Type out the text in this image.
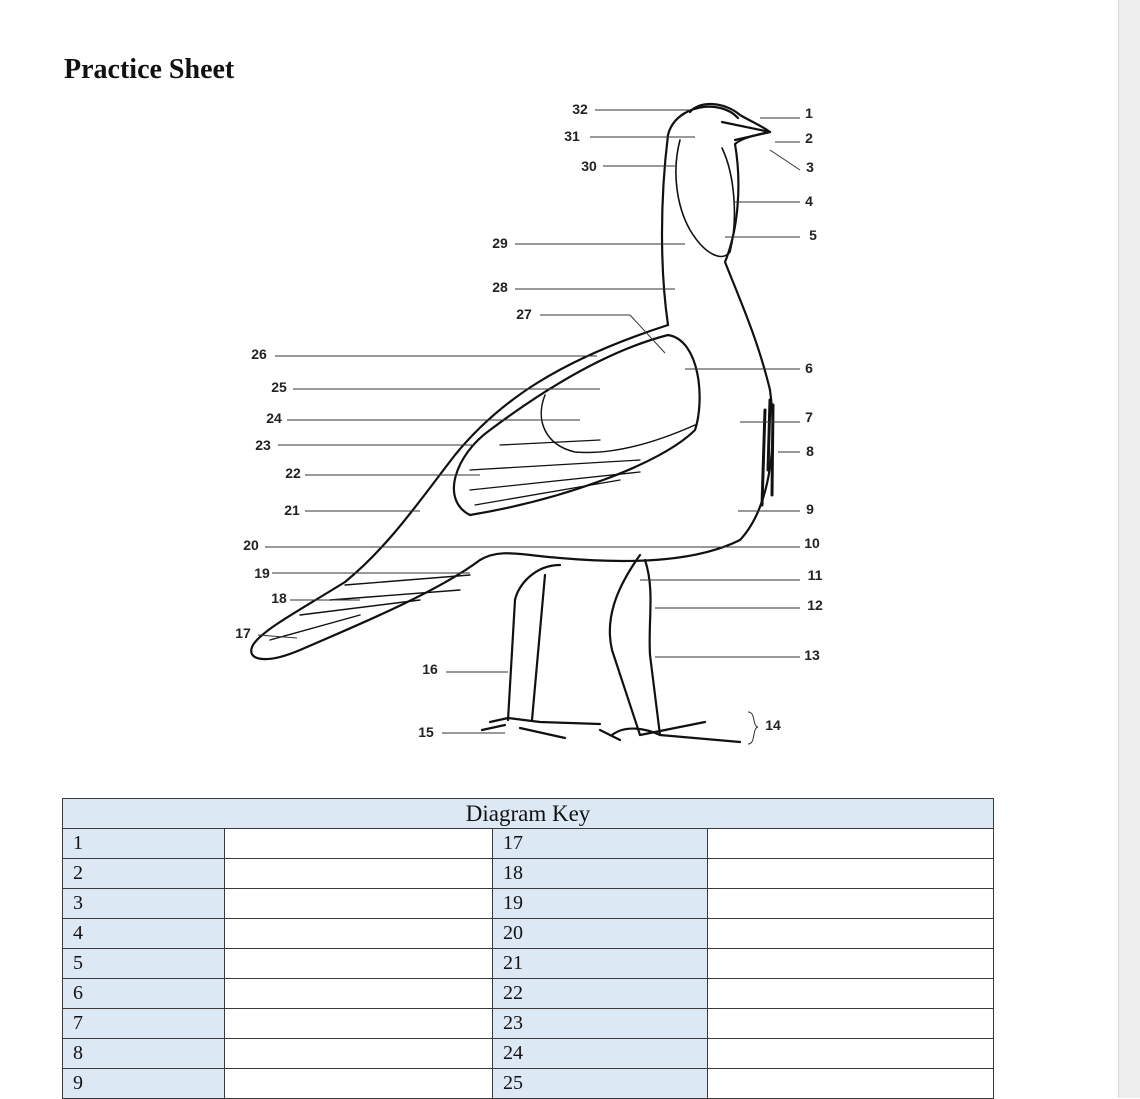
Practice Sheet
1
2
3
4
5
6
7
8
9
10
11
12
13
14
15
16
17
18
19
20
21
22
23
24
25
26
27
28
29
30
31
32
Diagram Key			
1		17	
2		18	
3		19	
4		20	
5		21	
6		22	
7		23	
8		24	
9		25	
